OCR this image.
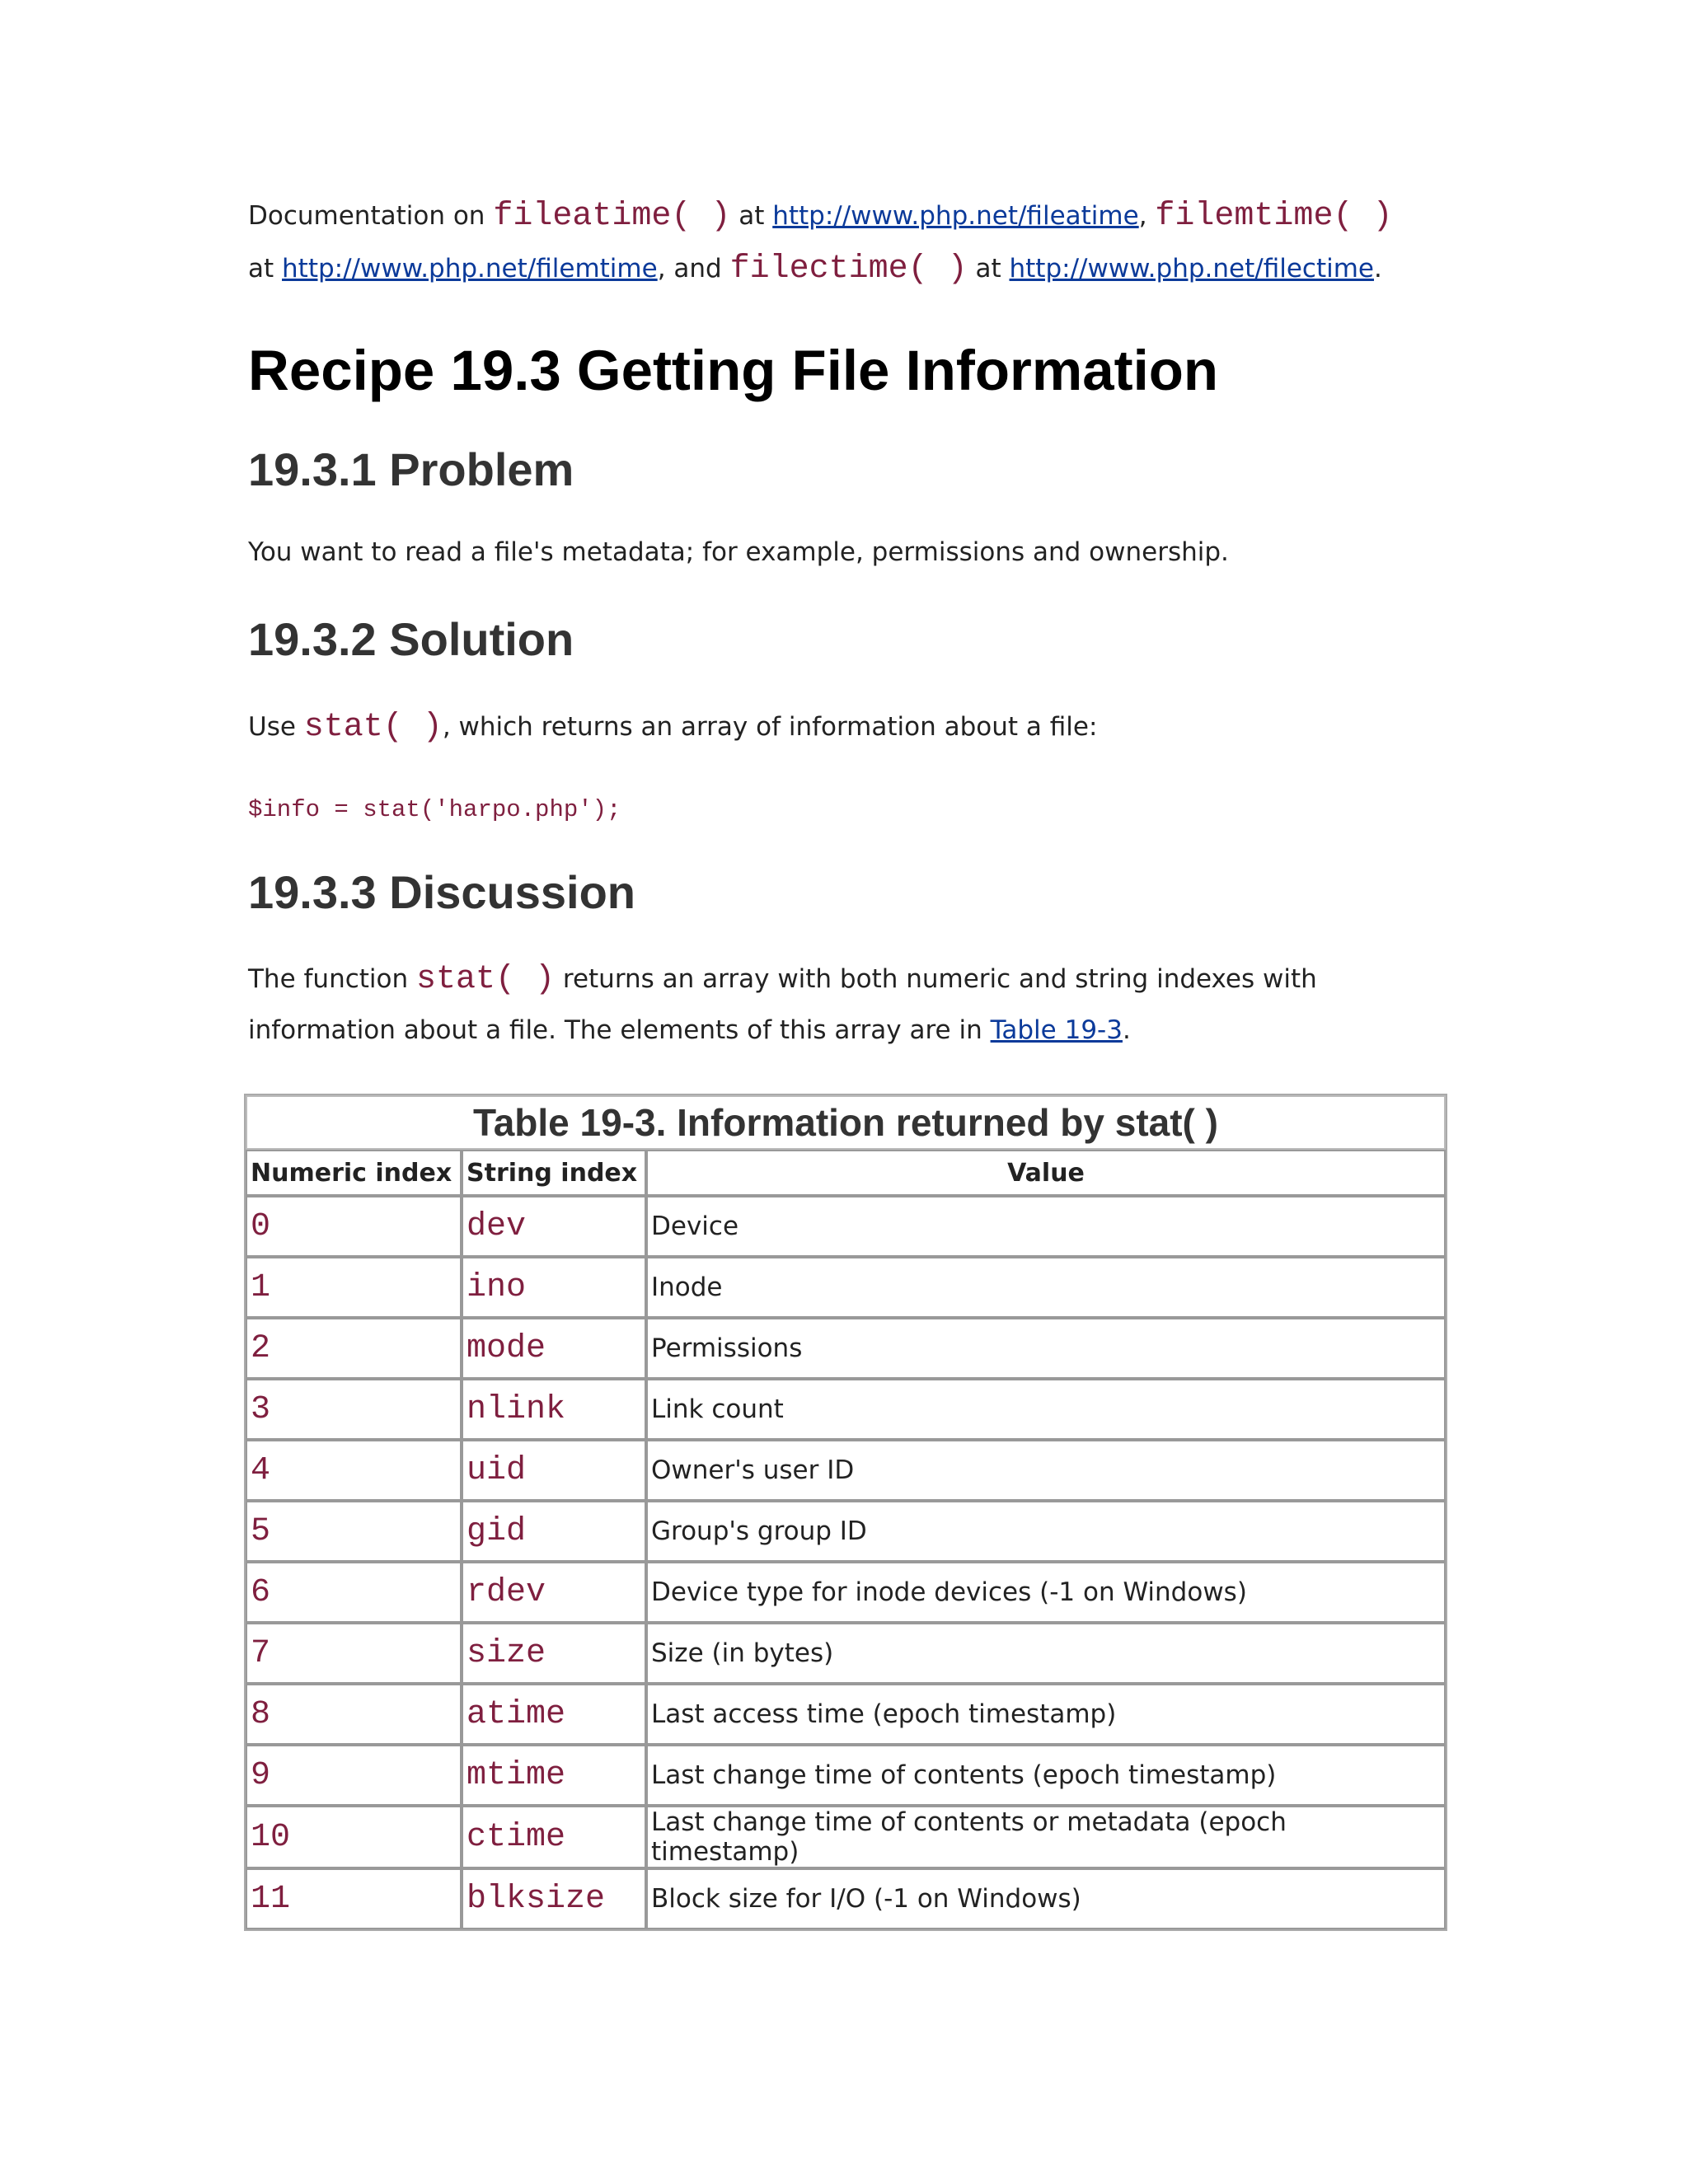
Documentation on fileatime( ) at http://www.php.net/fileatime, filemtime( )
at http://www.php.net/filemtime, and filectime( ) at http://www.php.net/filectime.
Recipe 19.3 Getting File Information
19.3.1 Problem
You want to read a file's metadata; for example, permissions and ownership.
19.3.2 Solution
Use stat( ), which returns an array of information about a file:
$info = stat('harpo.php');
19.3.3 Discussion
The function stat( ) returns an array with both numeric and string indexes with
information about a file. The elements of this array are in Table 19-3.
Table 19-3. Information returned by stat( )		
Numeric index	String index	Value
0	dev	Device
1	ino	Inode
2	mode	Permissions
3	nlink	Link count
4	uid	Owner's user ID
5	gid	Group's group ID
6	rdev	Device type for inode devices (-1 on Windows)
7	size	Size (in bytes)
8	atime	Last access time (epoch timestamp)
9	mtime	Last change time of contents (epoch timestamp)
10	ctime	Last change time of contents or metadata (epoch timestamp)
11	blksize	Block size for I/O (-1 on Windows)
